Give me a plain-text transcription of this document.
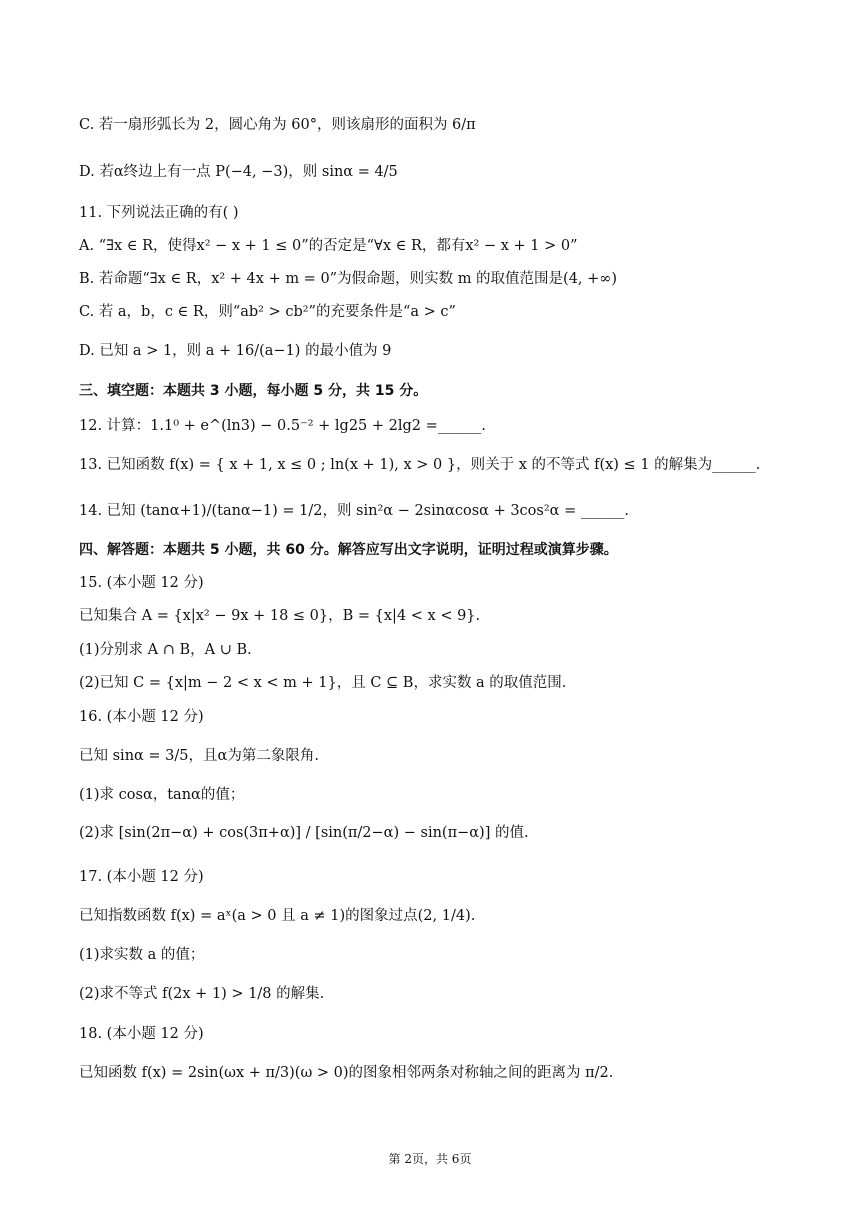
C. 若一扇形弧长为 2，圆心角为 60°，则该扇形的面积为 6/π
D. 若α终边上有一点 P(−4, −3)，则 sinα = 4/5
11. 下列说法正确的有( )
A. “∃x ∈ R，使得x² − x + 1 ≤ 0”的否定是“∀x ∈ R，都有x² − x + 1 > 0”
B. 若命题“∃x ∈ R，x² + 4x + m = 0”为假命题，则实数 m 的取值范围是(4, +∞)
C. 若 a，b，c ∈ R，则“ab² > cb²”的充要条件是“a > c”
D. 已知 a > 1，则 a + 16/(a−1) 的最小值为 9
三、填空题：本题共 3 小题，每小题 5 分，共 15 分。
12. 计算：1.1⁰ + e^(ln3) − 0.5⁻² + lg25 + 2lg2 =______.
13. 已知函数 f(x) = { x + 1, x ≤ 0 ; ln(x + 1), x > 0 }，则关于 x 的不等式 f(x) ≤ 1 的解集为______.
14. 已知 (tanα+1)/(tanα−1) = 1/2，则 sin²α − 2sinαcosα + 3cos²α = ______.
四、解答题：本题共 5 小题，共 60 分。解答应写出文字说明，证明过程或演算步骤。
15. (本小题 12 分)
已知集合 A = {x|x² − 9x + 18 ≤ 0}，B = {x|4 < x < 9}.
(1)分别求 A ∩ B，A ∪ B.
(2)已知 C = {x|m − 2 < x < m + 1}，且 C ⊆ B，求实数 a 的取值范围.
16. (本小题 12 分)
已知 sinα = 3/5，且α为第二象限角.
(1)求 cosα，tanα的值；
(2)求 [sin(2π−α) + cos(3π+α)] / [sin(π/2−α) − sin(π−α)] 的值.
17. (本小题 12 分)
已知指数函数 f(x) = aˣ(a > 0 且 a ≠ 1)的图象过点(2, 1/4).
(1)求实数 a 的值；
(2)求不等式 f(2x + 1) > 1/8 的解集.
18. (本小题 12 分)
已知函数 f(x) = 2sin(ωx + π/3)(ω > 0)的图象相邻两条对称轴之间的距离为 π/2.
第 2页，共 6页
